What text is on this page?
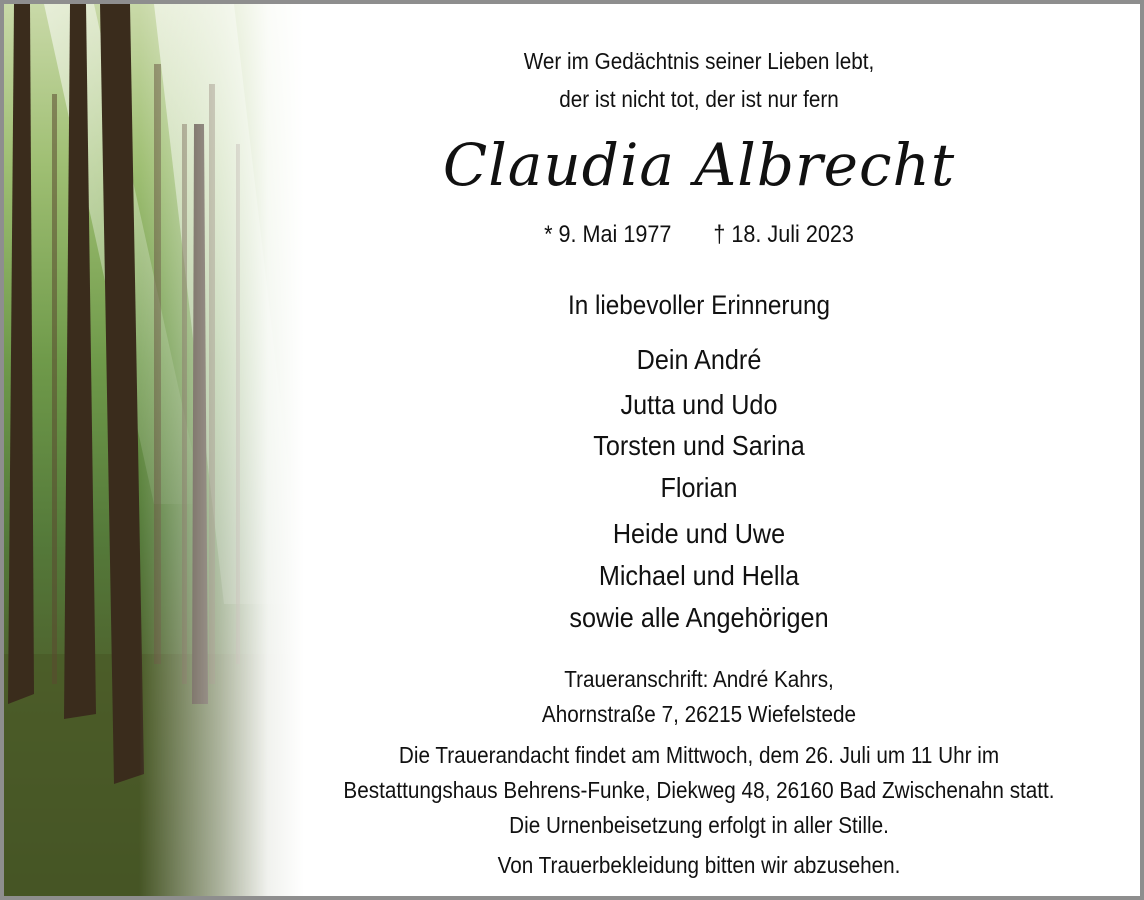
Wer im Gedächtnis seiner Lieben lebt,
der ist nicht tot, der ist nur fern
Claudia Albrecht
* 9. Mai 1977 † 18. Juli 2023
In liebevoller Erinnerung
Dein André
Jutta und Udo
Torsten und Sarina
Florian
Heide und Uwe
Michael und Hella
sowie alle Angehörigen
Traueranschrift: André Kahrs,
Ahornstraße 7, 26215 Wiefelstede
Die Trauerandacht findet am Mittwoch, dem 26. Juli um 11 Uhr im
Bestattungshaus Behrens-Funke, Diekweg 48, 26160 Bad Zwischenahn statt.
Die Urnenbeisetzung erfolgt in aller Stille.
Von Trauerbekleidung bitten wir abzusehen.
